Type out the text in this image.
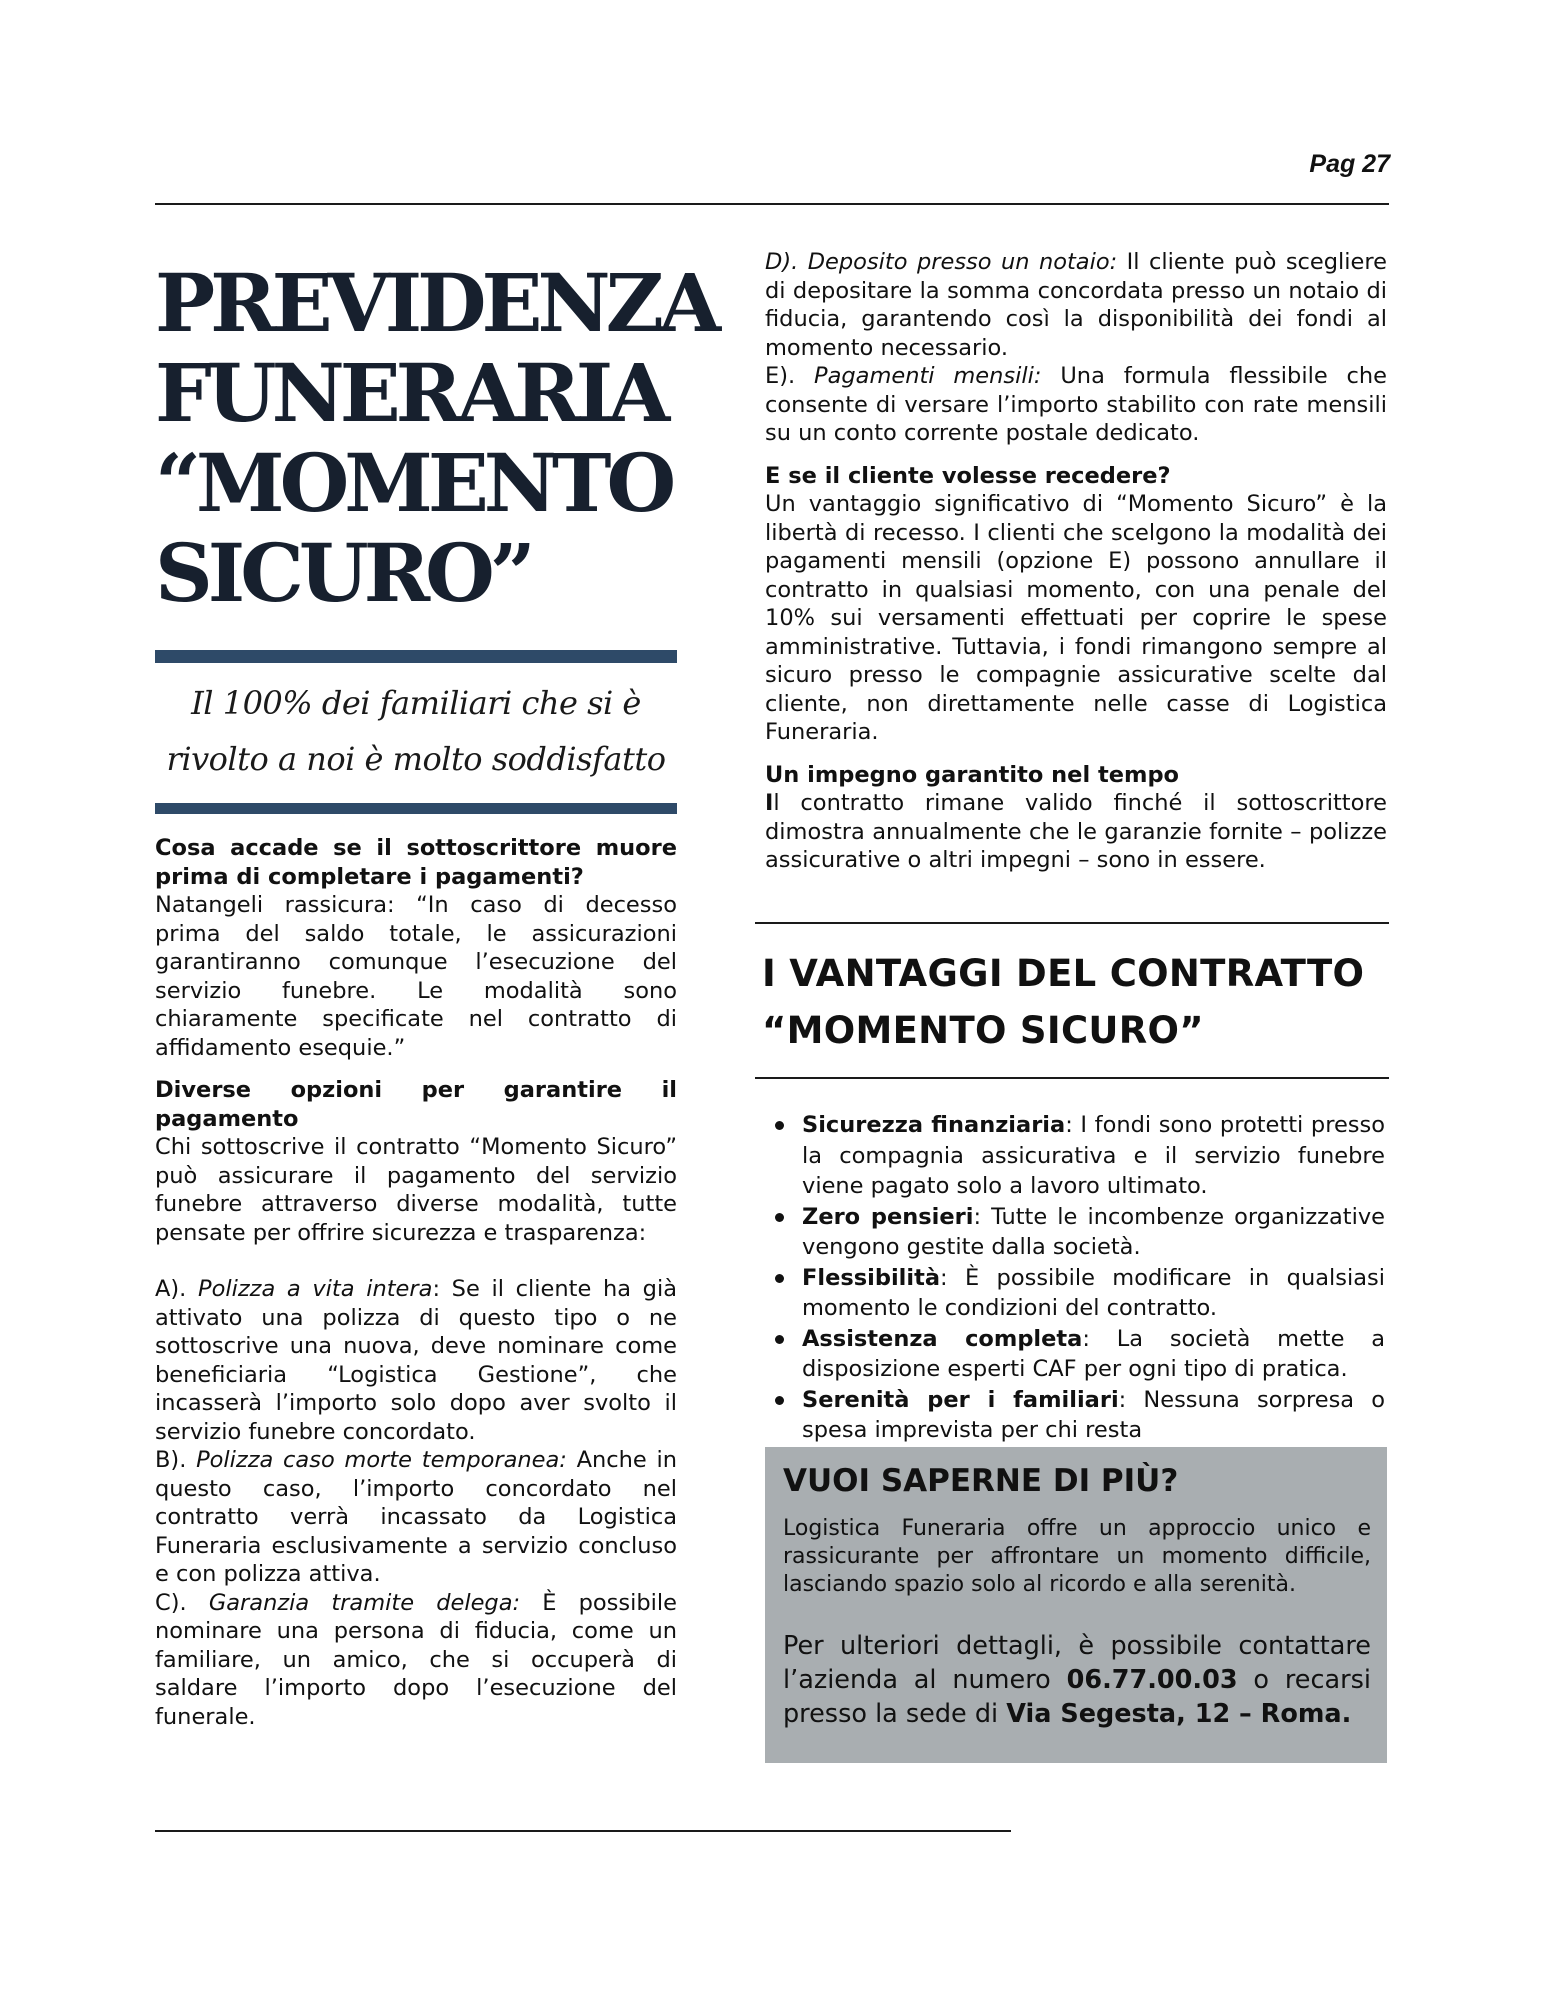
Pag 27
PREVIDENZA
FUNERARIA
“MOMENTO
SICURO”
Il 100% dei familiari che si è
rivolto a noi è molto soddisfatto

Cosa accade se il sottoscrittore muore prima di completare i pagamenti?

Natangeli rassicura: “In caso di decesso prima del saldo totale, le assicurazioni garantiranno comunque l’esecuzione del servizio funebre. Le modalità sono chiaramente specificate nel contratto di affidamento esequie.”

Diverse opzioni per garantire il pagamento

Chi sottoscrive il contratto “Momento Sicuro” può assicurare il pagamento del servizio funebre attraverso diverse modalità, tutte pensate per offrire sicurezza e trasparenza:

A). Polizza a vita intera: Se il cliente ha già attivato una polizza di questo tipo o ne sottoscrive una nuova, deve nominare come beneficiaria “Logistica Gestione”, che incasserà l’importo solo dopo aver svolto il servizio funebre concordato.

B). Polizza caso morte temporanea: Anche in questo caso, l’importo concordato nel contratto verrà incassato da Logistica Funeraria esclusivamente a servizio concluso e con polizza attiva.

C). Garanzia tramite delega: È possibile nominare una persona di fiducia, come un familiare, un amico, che si occuperà di saldare l’importo dopo l’esecuzione del funerale.

D). Deposito presso un notaio: Il cliente può scegliere di depositare la somma concordata presso un notaio di fiducia, garantendo così la disponibilità dei fondi al momento necessario.

E). Pagamenti mensili: Una formula flessibile che consente di versare l’importo stabilito con rate mensili su un conto corrente postale dedicato.

E se il cliente volesse recedere?

Un vantaggio significativo di “Momento Sicuro” è la libertà di recesso. I clienti che scelgono la modalità dei pagamenti mensili (opzione E) possono annullare il contratto in qualsiasi momento, con una penale del 10% sui versamenti effettuati per coprire le spese amministrative. Tuttavia, i fondi rimangono sempre al sicuro presso le compagnie assicurative scelte dal cliente, non direttamente nelle casse di Logistica Funeraria.

Un impegno garantito nel tempo

Il contratto rimane valido finché il sottoscrittore dimostra annualmente che le garanzie fornite – polizze assicurative o altri impegni – sono in essere.

I VANTAGGI DEL CONTRATTO
“MOMENTO SICURO”
Sicurezza finanziaria: I fondi sono protetti presso la compagnia assicurativa e il servizio funebre viene pagato solo a lavoro ultimato.
Zero pensieri: Tutte le incombenze organizzative vengono gestite dalla società.
Flessibilità: È possibile modificare in qualsiasi momento le condizioni del contratto.
Assistenza completa: La società mette a disposizione esperti CAF per ogni tipo di pratica.
Serenità per i familiari: Nessuna sorpresa o spesa imprevista per chi resta
VUOI SAPERNE DI PIÙ?
Logistica Funeraria offre un approccio unico e rassicurante per affrontare un momento difficile, lasciando spazio solo al ricordo e alla serenità.
Per ulteriori dettagli, è possibile contattare l’azienda al numero 06.77.00.03 o recarsi presso la sede di Via Segesta, 12 – Roma.
